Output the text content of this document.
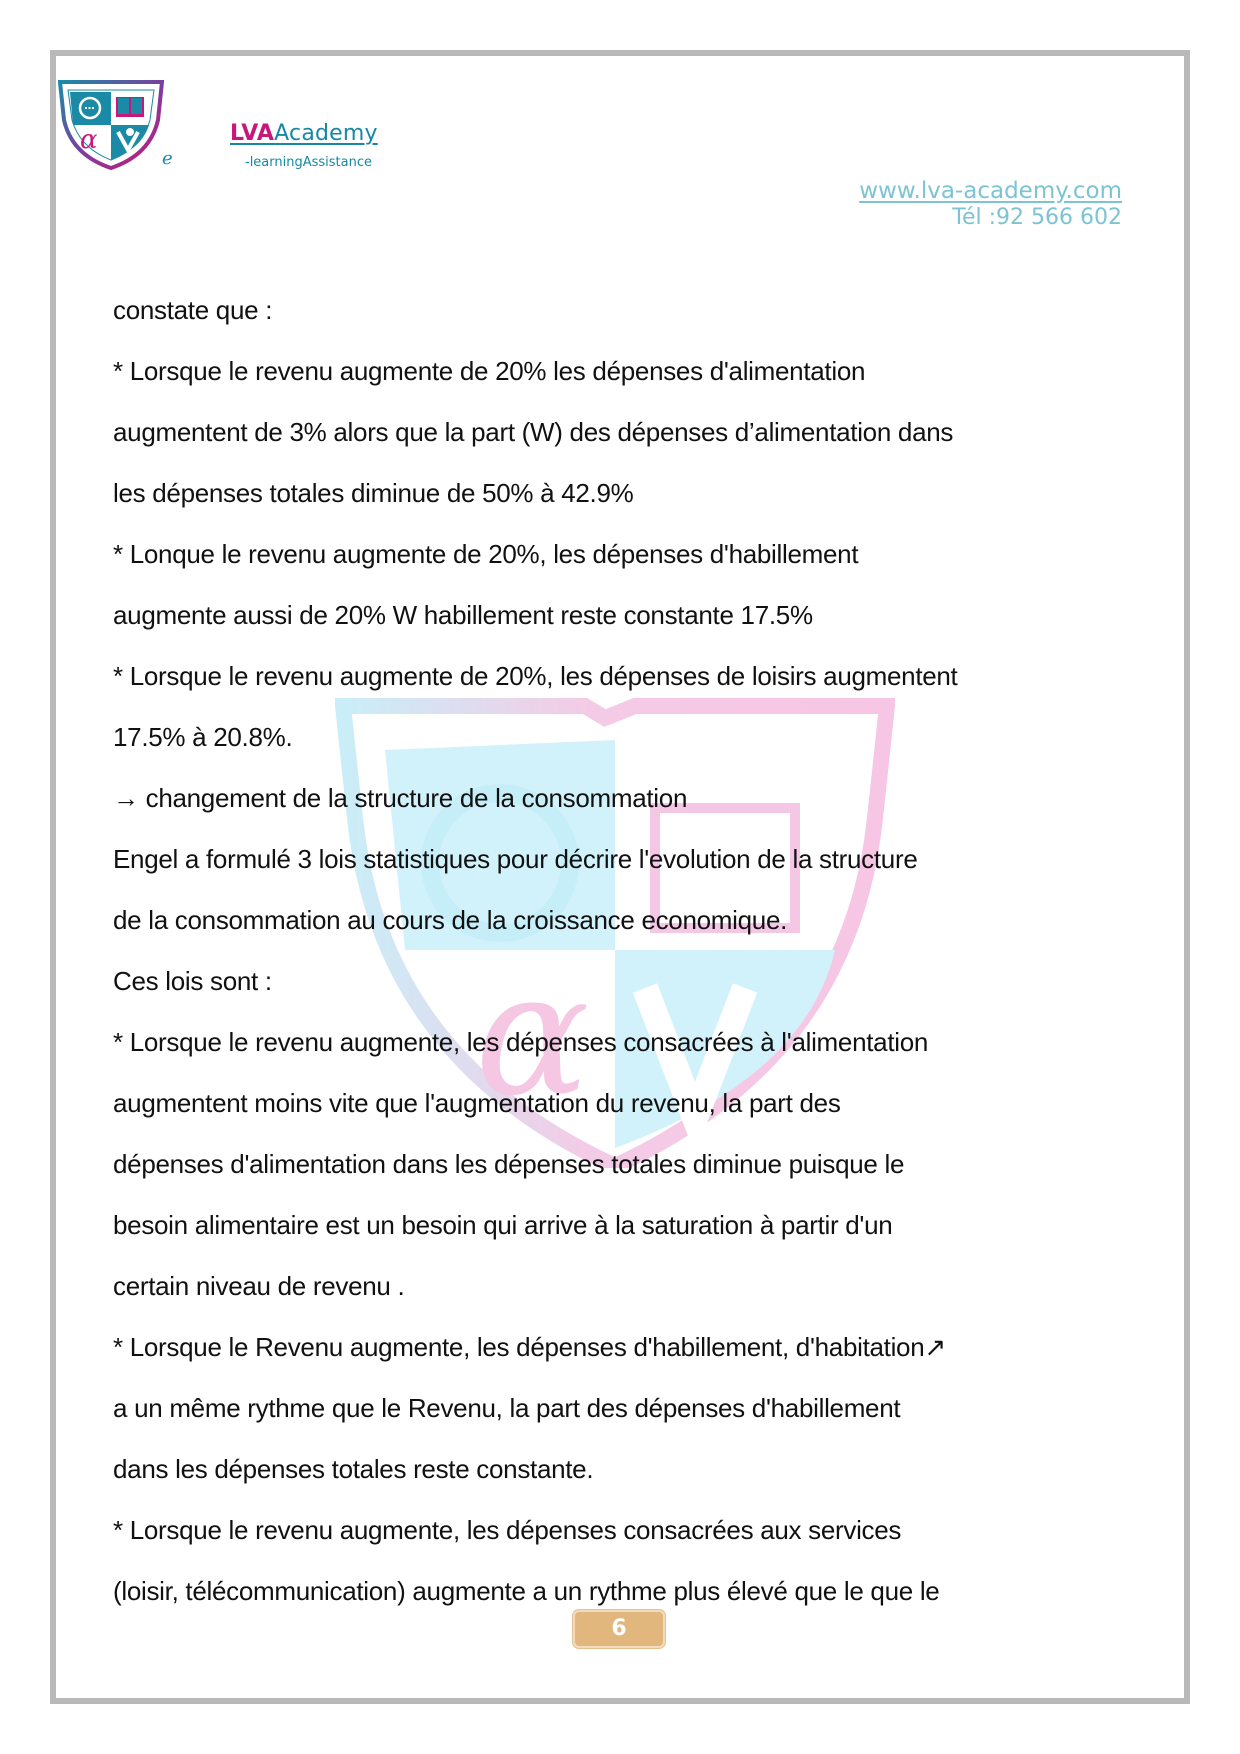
α
e
LVAAcademy
-learningAssistance
www.lva-academy.com
Tél :92 566 602
α

constate que :

* Lorsque le revenu augmente de 20% les dépenses d'alimentation

augmentent de 3% alors que la part (W) des dépenses d’alimentation dans

les dépenses totales diminue de 50% à 42.9%

* Lonque le revenu augmente de 20%, les dépenses d'habillement

augmente aussi de 20% W habillement reste constante 17.5%

* Lorsque le revenu augmente de 20%, les dépenses de loisirs augmentent

17.5% à 20.8%.

→ changement de la structure de la consommation

Engel a formulé 3 lois statistiques pour décrire l'evolution de la structure

de la consommation au cours de la croissance economique.

Ces lois sont :

* Lorsque le revenu augmente, les dépenses consacrées à l'alimentation

augmentent moins vite que l'augmentation du revenu, la part des

dépenses d'alimentation dans les dépenses totales diminue puisque le

besoin alimentaire est un besoin qui arrive à la saturation à partir d'un

certain niveau de revenu .

* Lorsque le Revenu augmente, les dépenses d'habillement, d'habitation↗

a un même rythme que le Revenu, la part des dépenses d'habillement

dans les dépenses totales reste constante.

* Lorsque le revenu augmente, les dépenses consacrées aux services

(loisir, télécommunication) augmente a un rythme plus élevé que le que le

6
